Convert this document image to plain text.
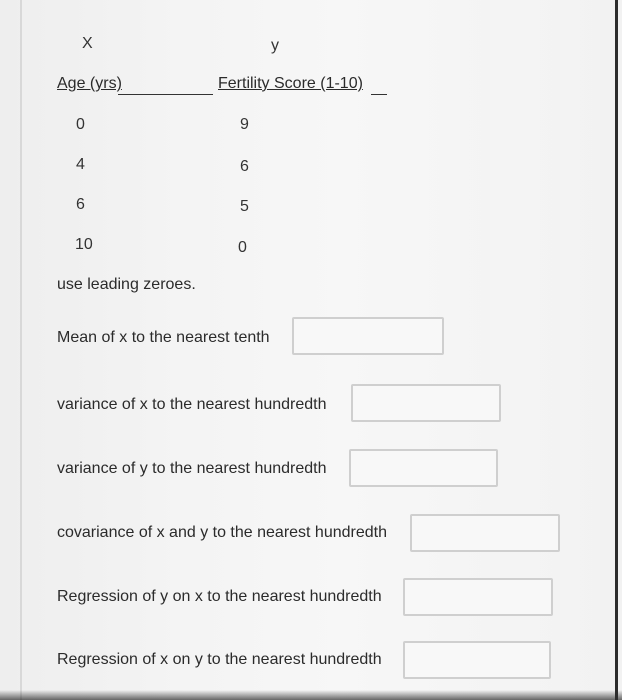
X	y
Age (yrs)	Fertility Score (1-10)
0	9
4	6
6	5
10	0
use leading zeroes.
Mean of x to the nearest tenth
variance of x to the nearest hundredth
variance of y to the nearest hundredth
covariance of x and y to the nearest hundredth
Regression of y on x to the nearest hundredth
Regression of x on y to the nearest hundredth
